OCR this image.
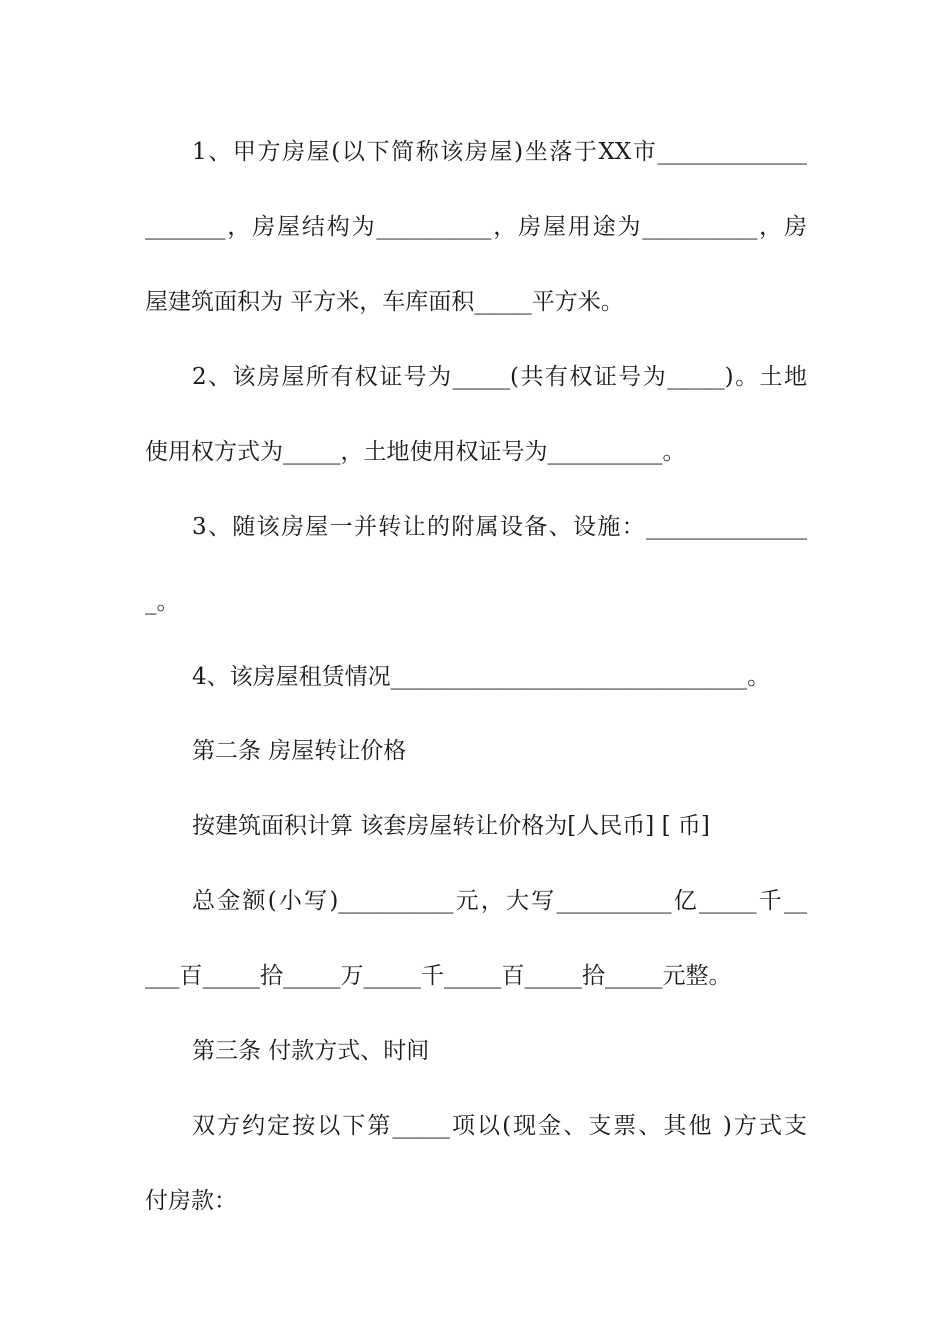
1、甲方房屋(以下简称该房屋)坐落于XX市_____________
_______，房屋结构为__________，房屋用途为__________，房
屋建筑面积为 平方米，车库面积_____平方米。
2、该房屋所有权证号为_____(共有权证号为_____)。土地
使用权方式为_____，土地使用权证号为__________。
3、随该房屋一并转让的附属设备、设施：______________
_。
4、该房屋租赁情况_______________________________。
第二条 房屋转让价格
按建筑面积计算 该套房屋转让价格为[人民币] [ 币]
总金额(小写)__________元，大写__________亿_____千__
___百_____拾_____万_____千_____百_____拾_____元整。
第三条 付款方式、时间
双方约定按以下第_____项以(现金、支票、其他 )方式支
付房款：
